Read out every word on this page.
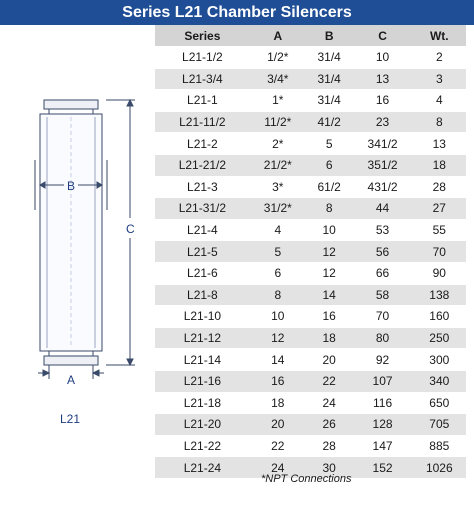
Series L21 Chamber Silencers
B
C
A
L21
Series	A	B	C	Wt.
L21-1/2	1/2*	31/4	10	2
L21-3/4	3/4*	31/4	13	3
L21-1	1*	31/4	16	4
L21-11/2	11/2*	41/2	23	8
L21-2	2*	5	341/2	13
L21-21/2	21/2*	6	351/2	18
L21-3	3*	61/2	431/2	28
L21-31/2	31/2*	8	44	27
L21-4	4	10	53	55
L21-5	5	12	56	70
L21-6	6	12	66	90
L21-8	8	14	58	138
L21-10	10	16	70	160
L21-12	12	18	80	250
L21-14	14	20	92	300
L21-16	16	22	107	340
L21-18	18	24	116	650
L21-20	20	26	128	705
L21-22	22	28	147	885
L21-24	24	30	152	1026
*NPT Connections
